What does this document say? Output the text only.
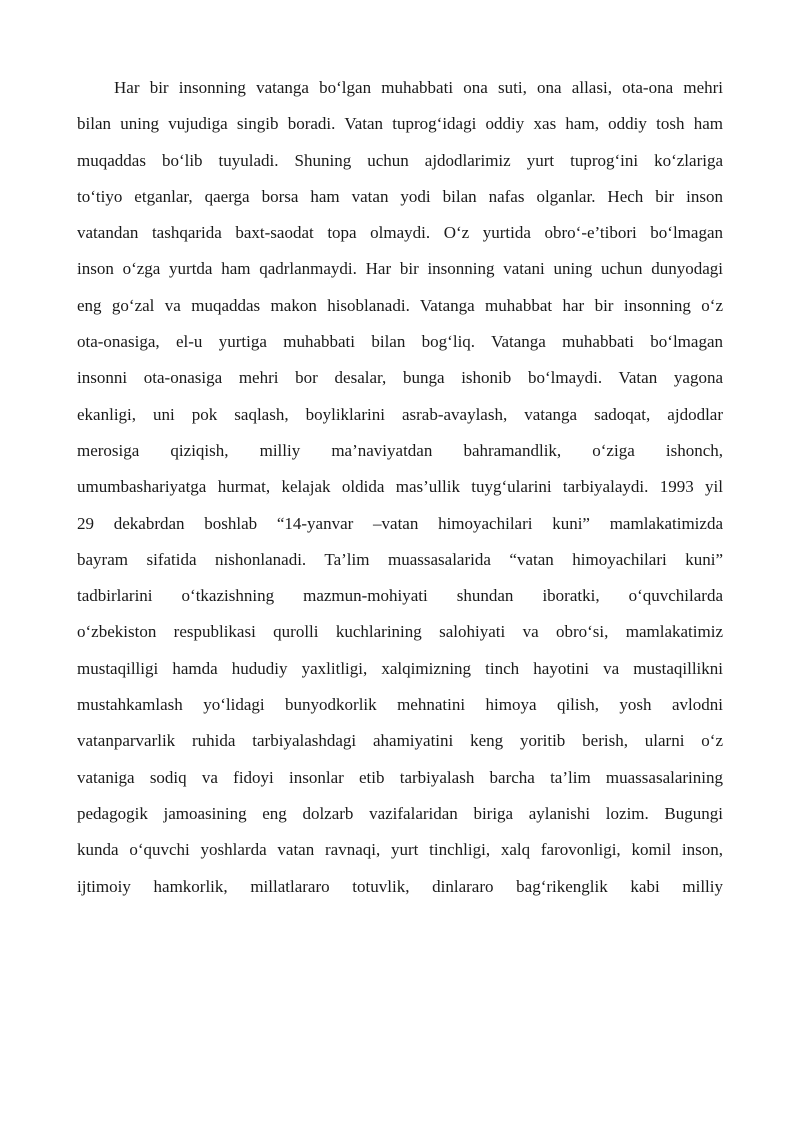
Har bir insonning vatanga bo‘lgan muhabbati ona suti, ona allasi, ota-ona mehri
bilan uning vujudiga singib boradi. Vatan tuprog‘idagi oddiy xas ham, oddiy tosh ham
muqaddas bo‘lib tuyuladi. Shuning uchun ajdodlarimiz yurt tuprog‘ini ko‘zlariga
to‘tiyo etganlar, qaerga borsa ham vatan yodi bilan nafas olganlar. Hech bir inson
vatandan tashqarida baxt-saodat topa olmaydi. O‘z yurtida obro‘-e’tibori bo‘lmagan
inson o‘zga yurtda ham qadrlanmaydi. Har bir insonning vatani uning uchun dunyodagi
eng go‘zal va muqaddas makon hisoblanadi. Vatanga muhabbat har bir insonning o‘z
ota-onasiga, el-u yurtiga muhabbati bilan bog‘liq. Vatanga muhabbati bo‘lmagan
insonni ota-onasiga mehri bor desalar, bunga ishonib bo‘lmaydi. Vatan yagona
ekanligi, uni pok saqlash, boyliklarini asrab-avaylash, vatanga sadoqat, ajdodlar
merosiga qiziqish, milliy ma’naviyatdan bahramandlik, o‘ziga ishonch,
umumbashariyatga hurmat, kelajak oldida mas’ullik tuyg‘ularini tarbiyalaydi. 1993 yil
29 dekabrdan boshlab “14-yanvar –vatan himoyachilari kuni” mamlakatimizda
bayram sifatida nishonlanadi. Ta’lim muassasalarida “vatan himoyachilari kuni”
tadbirlarini o‘tkazishning mazmun-mohiyati shundan iboratki, o‘quvchilarda
o‘zbekiston respublikasi qurolli kuchlarining salohiyati va obro‘si, mamlakatimiz
mustaqilligi hamda hududiy yaxlitligi, xalqimizning tinch hayotini va mustaqillikni
mustahkamlash yo‘lidagi bunyodkorlik mehnatini himoya qilish, yosh avlodni
vatanparvarlik ruhida tarbiyalashdagi ahamiyatini keng yoritib berish, ularni o‘z
vataniga sodiq va fidoyi insonlar etib tarbiyalash barcha ta’lim muassasalarining
pedagogik jamoasining eng dolzarb vazifalaridan biriga aylanishi lozim. Bugungi
kunda o‘quvchi yoshlarda vatan ravnaqi, yurt tinchligi, xalq farovonligi, komil inson,
ijtimoiy hamkorlik, millatlararo totuvlik, dinlararo bag‘rikenglik kabi milliy
